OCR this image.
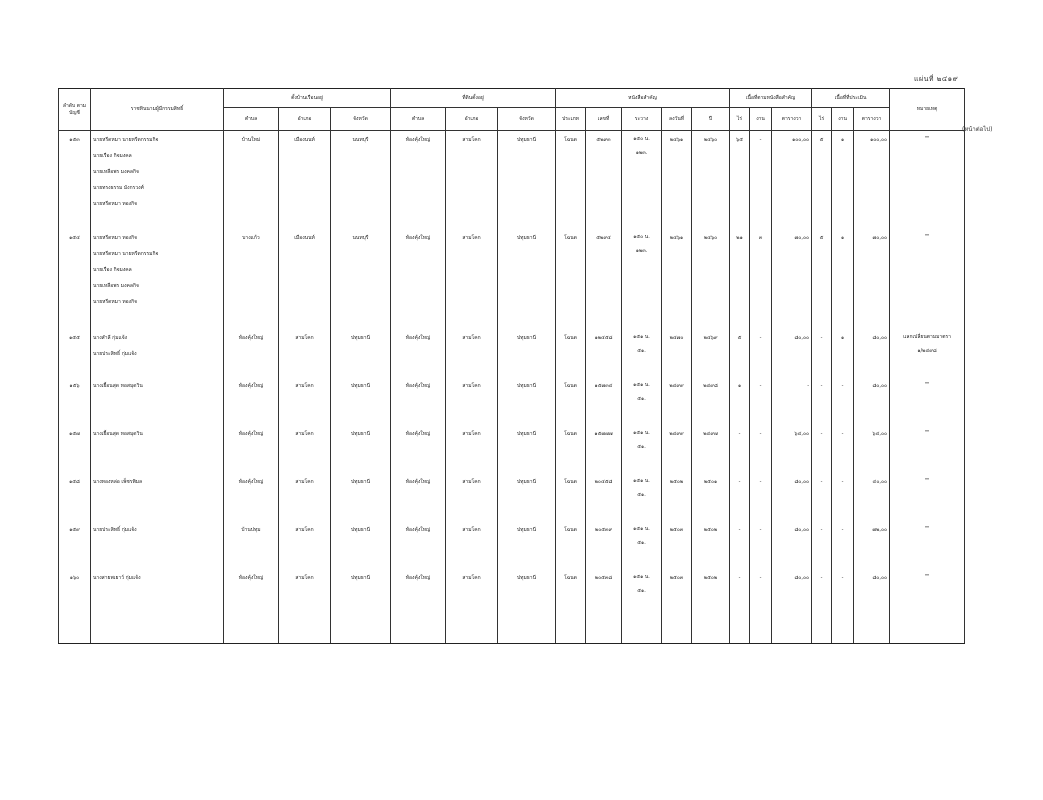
แผ่นที่ ๒๔๑๙
(หน้าต่อไป)
ลำดับ ตามบัญชี	ราชทินนามผู้มีกรรมสิทธิ์	ตั้งบ้านเรือนอยู่			ที่ดินตั้งอยู่			หนังสือสำคัญ					เนื้อที่ตามหนังสือสำคัญ			เนื้อที่ที่ประเมิน			หมายเหตุ
		ตำบล	อำเภอ	จังหวัด	ตำบล	อำเภอ	จังหวัด	ประเภท	เลขที่	ระวาง	ลงวันที่	ปี	ไร่	งาน	ตารางวา	ไร่	งาน	ตารางวา	

๑๕๓	นายหรีดหมา นายหรีดกรรมกิจ
นายเรือง กิจมงคล
นายเหลือพร มงคลกิจ
นายทรงธรรม มังกรวงศ์
นายหรีดหมา ทองกิจ	บ้านใหม่	เมืองนนท์	นนทบุรี	ท้องคุ้งใหญ่	สามโคก	ปทุมธานี	โฉนด	๕๒๙๓	๑๕๐ น.
๑๒๓.	๒๔๖๑	๒๔๖๐	๖๕	-	๑๐๐,๐๐	๕	๑	๑๐๐,๐๐	""

๑๕๔	นายหรีดหมา ทองกิจ
นายหรีดหมา นายหรีดกรรมกิจ
นายเรือง กิจมงคล
นายเหลือพร มงคลกิจ
นายหรีดหมา ทองกิจ	บางแก้ว	เมืองนนท์	นนทบุรี	ท้องคุ้งใหญ่	สามโคก	ปทุมธานี	โฉนด	๕๒๙๔	๑๕๐ น.
๑๒๓.	๒๔๖๑	๒๔๖๐	๒๑	๓	๗๐,๐๐	๕	๑	๗๐,๐๐	""

๑๕๕	นางสำลี กุ่มแจ้ง
นายประสิทธิ์ กุ่มแจ้ง	ท้องคุ้งใหญ่	สามโคก	ปทุมธานี	ท้องคุ้งใหญ่	สามโคก	ปทุมธานี	โฉนด	๑๒๔๕๘	๑๕๑ น.
๕๑.	๒๔๗๐	๒๔๖๙	๕	-	๘๐,๐๐	-	๑	๘๐,๐๐	แลกเปลี่ยนตามมาตรา
๑/๒๔๙๘

๑๕๖	นางเยื้อนสุด หอสมุดวิน	ท้องคุ้งใหญ่	สามโคก	ปทุมธานี	ท้องคุ้งใหญ่	สามโคก	ปทุมธานี	โฉนด	๑๕๗๓๔	๑๕๑ น.
๕๑.	๒๔๙๙	๒๔๙๘	๑	-	-	-	-	๘๐,๐๐	""

๑๕๗	นางเยื้อนสุด หอสมุดวิน	ท้องคุ้งใหญ่	สามโคก	ปทุมธานี	ท้องคุ้งใหญ่	สามโคก	ปทุมธานี	โฉนด	๑๕๗๗๗	๑๕๑ น.
๕๑.	๒๔๙๙	๒๔๙๗	-	-	๖๔,๐๐	-	-	๖๔,๐๐	""

๑๕๘	นางทองหล่อ เพ็ชรพิมล	ท้องคุ้งใหญ่	สามโคก	ปทุมธานี	ท้องคุ้งใหญ่	สามโคก	ปทุมธานี	โฉนด	๒๐๔๕๘	๑๕๑ น.
๕๑.	๒๕๐๒	๒๕๐๑	-	-	๘๐,๐๐	-	-	๔๐,๐๐	""

๑๕๙	นายประสิทธิ์ กุ่มแจ้ง	บ้านปทุม	สามโคก	ปทุมธานี	ท้องคุ้งใหญ่	สามโคก	ปทุมธานี	โฉนด	๒๐๕๓๙	๑๕๑ น.
๕๑.	๒๕๐๓	๒๕๐๒	-	-	๘๐,๐๐	-	-	๗๒,๐๐	""

๑๖๐	นางสายพเยาว์ กุ่มแจ้ง	ท้องคุ้งใหญ่	สามโคก	ปทุมธานี	ท้องคุ้งใหญ่	สามโคก	ปทุมธานี	โฉนด	๒๐๕๓๘	๑๕๑ น.
๕๑.	๒๕๐๓	๒๕๐๒	-	-	๘๐,๐๐	-	-	๘๐,๐๐	""
